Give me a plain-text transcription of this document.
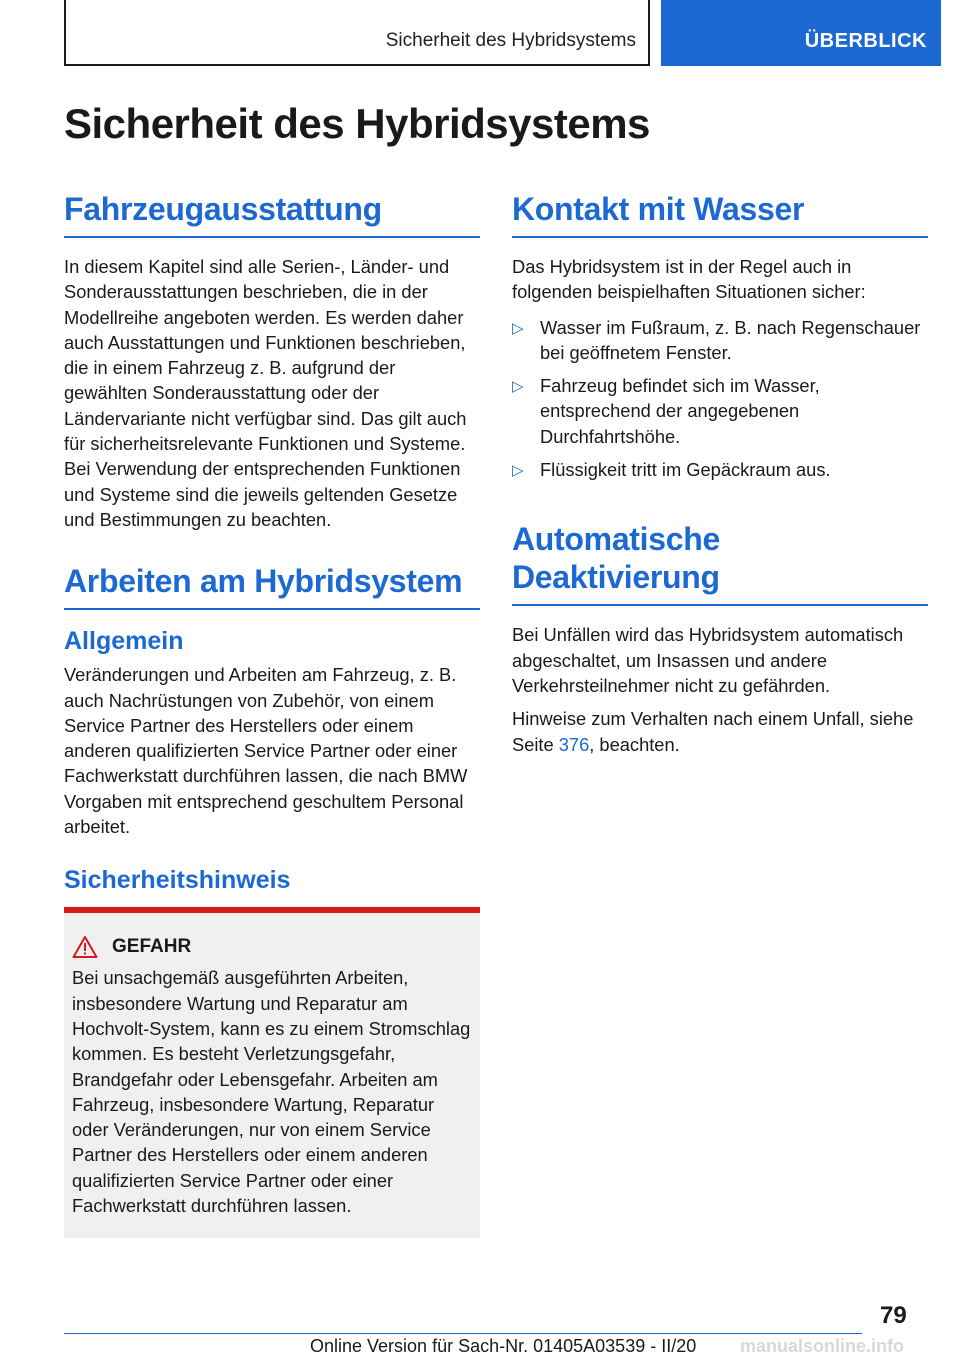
Sicherheit des Hybridsystems	ÜBERBLICK
Sicherheit des Hybridsystems
Fahrzeugausstattung

In diesem Kapitel sind alle Serien-, Länder- und Sonderausstattungen beschrieben, die in der Modellreihe angeboten werden. Es werden daher auch Ausstattungen und Funktionen beschrieben, die in einem Fahrzeug z. B. aufgrund der gewählten Sonderausstattung oder der Ländervariante nicht verfügbar sind. Das gilt auch für sicherheitsrelevante Funktionen und Systeme. Bei Verwendung der entsprechenden Funktionen und Systeme sind die jeweils geltenden Gesetze und Bestimmungen zu beachten.

Arbeiten am Hybridsystem
Allgemein

Veränderungen und Arbeiten am Fahrzeug, z. B. auch Nachrüstungen von Zubehör, von einem Service Partner des Herstellers oder einem anderen qualifizierten Service Partner oder einer Fachwerkstatt durchführen lassen, die nach BMW Vorgaben mit entsprechend geschultem Personal arbeitet.

Sicherheitshinweis
GEFAHR

Bei unsachgemäß ausgeführten Arbeiten, insbesondere Wartung und Reparatur am Hochvolt-System, kann es zu einem Stromschlag kommen. Es besteht Verletzungsgefahr, Brandgefahr oder Lebensgefahr. Arbeiten am Fahrzeug, insbesondere Wartung, Reparatur oder Veränderungen, nur von einem Service Partner des Herstellers oder einem anderen qualifizierten Service Partner oder einer Fachwerkstatt durchführen lassen.

Kontakt mit Wasser

Das Hybridsystem ist in der Regel auch in folgenden beispielhaften Situationen sicher:

▷ Wasser im Fußraum, z. B. nach Regenschauer bei geöffnetem Fenster.
▷ Fahrzeug befindet sich im Wasser, entsprechend der angegebenen Durchfahrtshöhe.
▷ Flüssigkeit tritt im Gepäckraum aus.
Automatische
Deaktivierung

Bei Unfällen wird das Hybridsystem automatisch abgeschaltet, um Insassen und andere Verkehrsteilnehmer nicht zu gefährden.

Hinweise zum Verhalten nach einem Unfall, siehe Seite 376, beachten.

79
Online Version für Sach-Nr. 01405A03539 - II/20 manualsonline.info
